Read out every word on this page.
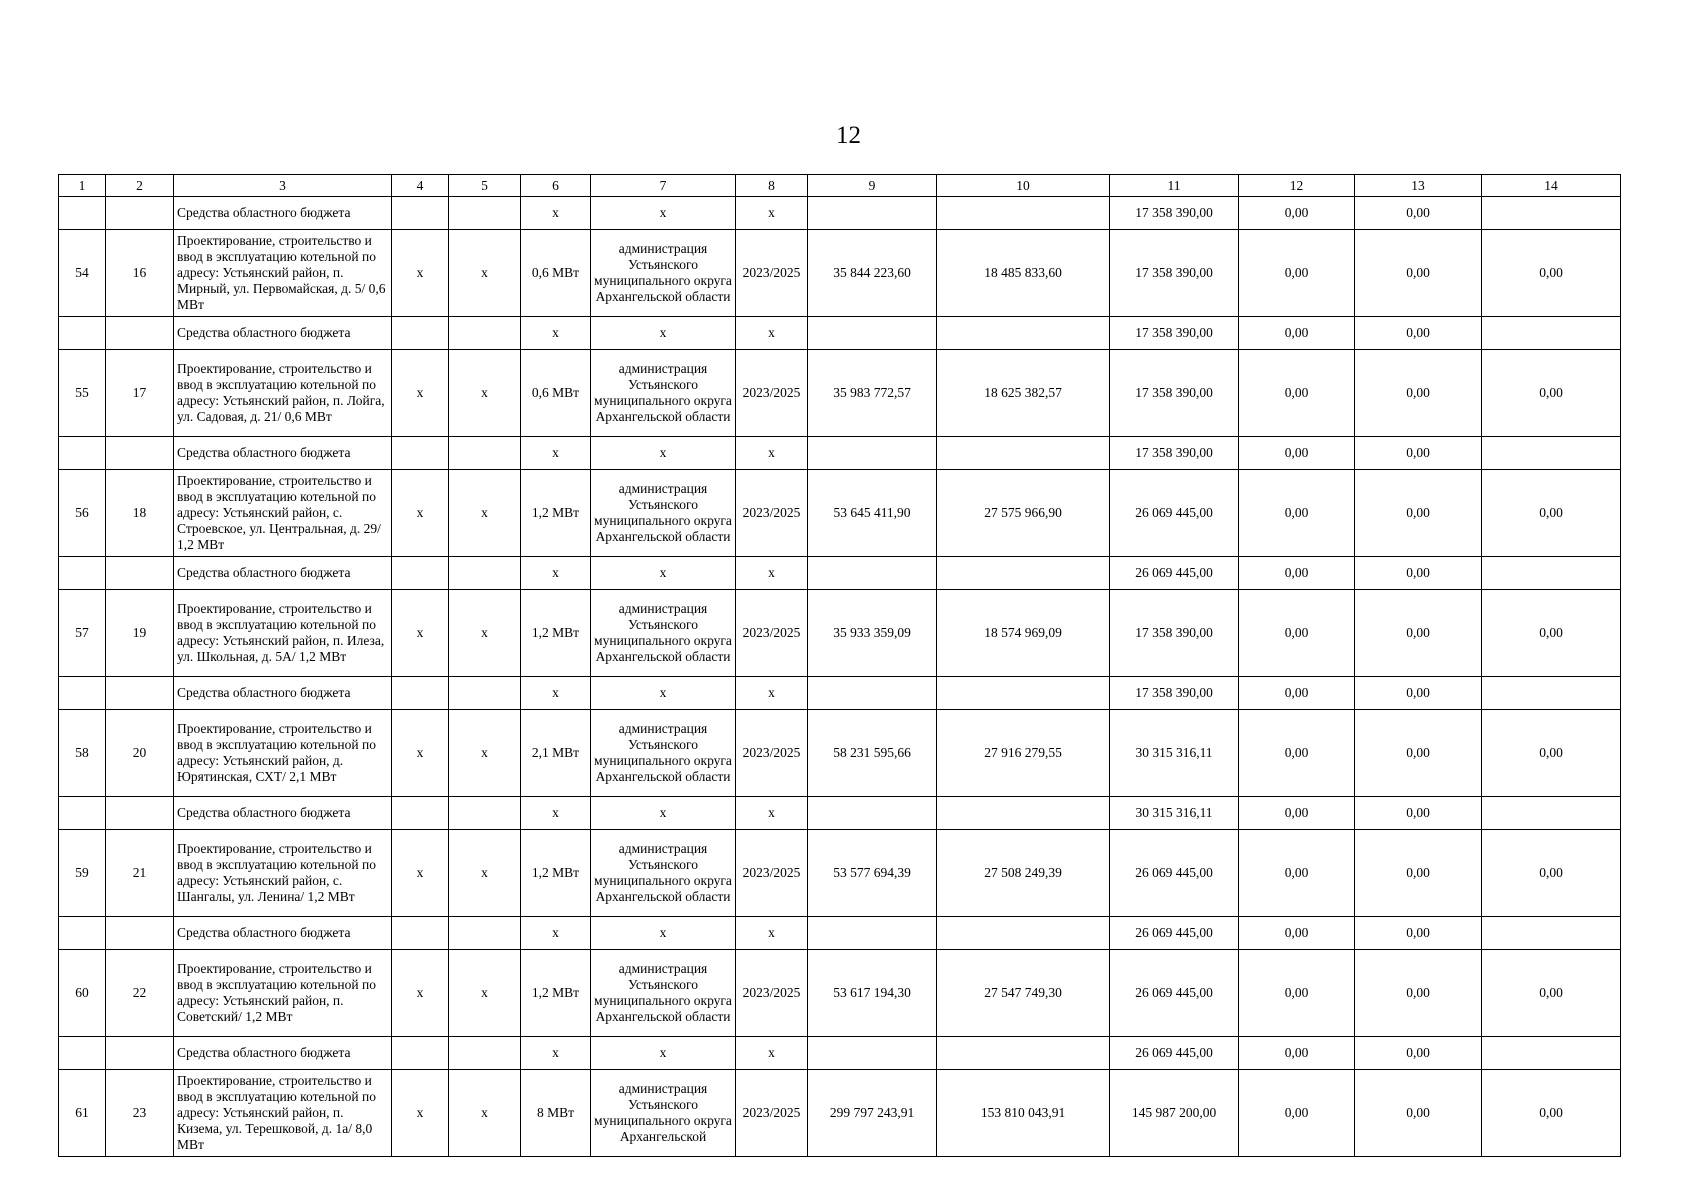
12
1	2	3	4	5	6	7	8	9	10	11	12	13	14
		Средства областного бюджета			х	х	х			17 358 390,00	0,00	0,00	
54	16	Проектирование, строительство и ввод в эксплуатацию котельной по адресу: Устьянский район, п. Мирный, ул. Первомайская, д. 5/ 0,6 МВт	х	х	0,6 МВт	администрация Устьянского муниципального округа Архангельской области	2023/2025	35 844 223,60	18 485 833,60	17 358 390,00	0,00	0,00	0,00
		Средства областного бюджета			х	х	х			17 358 390,00	0,00	0,00	
55	17	Проектирование, строительство и ввод в эксплуатацию котельной по адресу: Устьянский район, п. Лойга, ул. Садовая, д. 21/ 0,6 МВт	х	х	0,6 МВт	администрация Устьянского муниципального округа Архангельской области	2023/2025	35 983 772,57	18 625 382,57	17 358 390,00	0,00	0,00	0,00
		Средства областного бюджета			х	х	х			17 358 390,00	0,00	0,00	
56	18	Проектирование, строительство и ввод в эксплуатацию котельной по адресу: Устьянский район, с. Строевское, ул. Центральная, д. 29/ 1,2 МВт	х	х	1,2 МВт	администрация Устьянского муниципального округа Архангельской области	2023/2025	53 645 411,90	27 575 966,90	26 069 445,00	0,00	0,00	0,00
		Средства областного бюджета			х	х	х			26 069 445,00	0,00	0,00	
57	19	Проектирование, строительство и ввод в эксплуатацию котельной по адресу: Устьянский район, п. Илеза, ул. Школьная, д. 5А/ 1,2 МВт	х	х	1,2 МВт	администрация Устьянского муниципального округа Архангельской области	2023/2025	35 933 359,09	18 574 969,09	17 358 390,00	0,00	0,00	0,00
		Средства областного бюджета			х	х	х			17 358 390,00	0,00	0,00	
58	20	Проектирование, строительство и ввод в эксплуатацию котельной по адресу: Устьянский район, д. Юрятинская, СХТ/ 2,1 МВт	х	х	2,1 МВт	администрация Устьянского муниципального округа Архангельской области	2023/2025	58 231 595,66	27 916 279,55	30 315 316,11	0,00	0,00	0,00
		Средства областного бюджета			х	х	х			30 315 316,11	0,00	0,00	
59	21	Проектирование, строительство и ввод в эксплуатацию котельной по адресу: Устьянский район, с. Шангалы, ул. Ленина/ 1,2 МВт	х	х	1,2 МВт	администрация Устьянского муниципального округа Архангельской области	2023/2025	53 577 694,39	27 508 249,39	26 069 445,00	0,00	0,00	0,00
		Средства областного бюджета			х	х	х			26 069 445,00	0,00	0,00	
60	22	Проектирование, строительство и ввод в эксплуатацию котельной по адресу: Устьянский район, п. Советский/ 1,2 МВт	х	х	1,2 МВт	администрация Устьянского муниципального округа Архангельской области	2023/2025	53 617 194,30	27 547 749,30	26 069 445,00	0,00	0,00	0,00
		Средства областного бюджета			х	х	х			26 069 445,00	0,00	0,00	
61	23	Проектирование, строительство и ввод в эксплуатацию котельной по адресу: Устьянский район, п. Кизема, ул. Терешковой, д. 1а/ 8,0 МВт	х	х	8 МВт	администрация Устьянского муниципального округа Архангельской	2023/2025	299 797 243,91	153 810 043,91	145 987 200,00	0,00	0,00	0,00
